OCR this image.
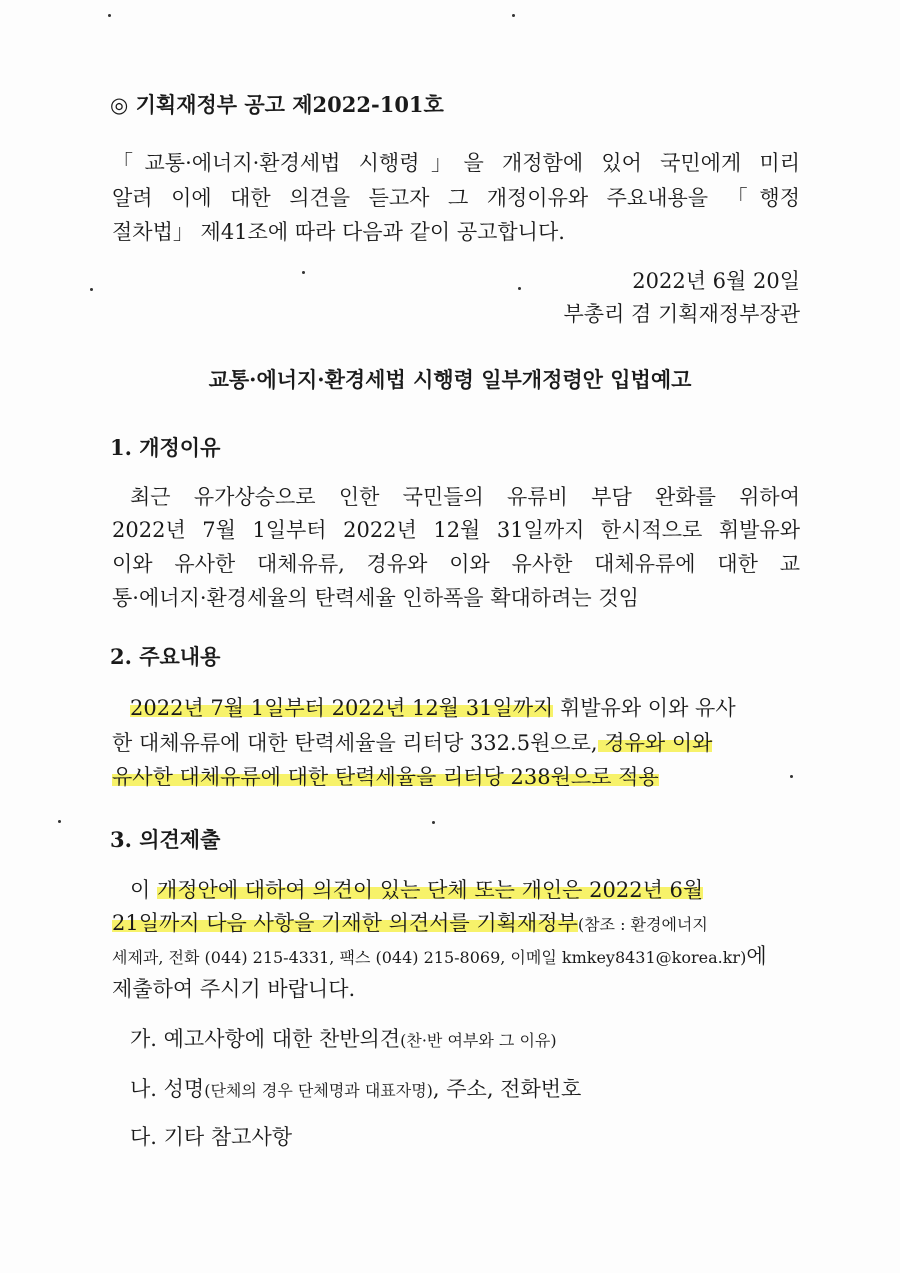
◎ 기획재정부 공고 제2022-101호
「교통·에너지·환경세법 시행령」을 개정함에 있어 국민에게 미리
알려 이에 대한 의견을 듣고자 그 개정이유와 주요내용을 「행정
절차법」 제41조에 따라 다음과 같이 공고합니다.
2022년 6월 20일
부총리 겸 기획재정부장관
교통·에너지·환경세법 시행령 일부개정령안 입법예고
1. 개정이유
최근 유가상승으로 인한 국민들의 유류비 부담 완화를 위하여
2022년 7월 1일부터 2022년 12월 31일까지 한시적으로 휘발유와
이와 유사한 대체유류, 경유와 이와 유사한 대체유류에 대한 교
통·에너지·환경세율의 탄력세율 인하폭을 확대하려는 것임
2. 주요내용
2022년 7월 1일부터 2022년 12월 31일까지 휘발유와 이와 유사
한 대체유류에 대한 탄력세율을 리터당 332.5원으로, 경유와 이와
유사한 대체유류에 대한 탄력세율을 리터당 238원으로 적용
3. 의견제출
이 개정안에 대하여 의견이 있는 단체 또는 개인은 2022년 6월
21일까지 다음 사항을 기재한 의견서를 기획재정부(참조 : 환경에너지
세제과, 전화 (044) 215-4331, 팩스 (044) 215-8069, 이메일 kmkey8431@korea.kr)에
제출하여 주시기 바랍니다.
가. 예고사항에 대한 찬반의견(찬·반 여부와 그 이유)
나. 성명(단체의 경우 단체명과 대표자명), 주소, 전화번호
다. 기타 참고사항
